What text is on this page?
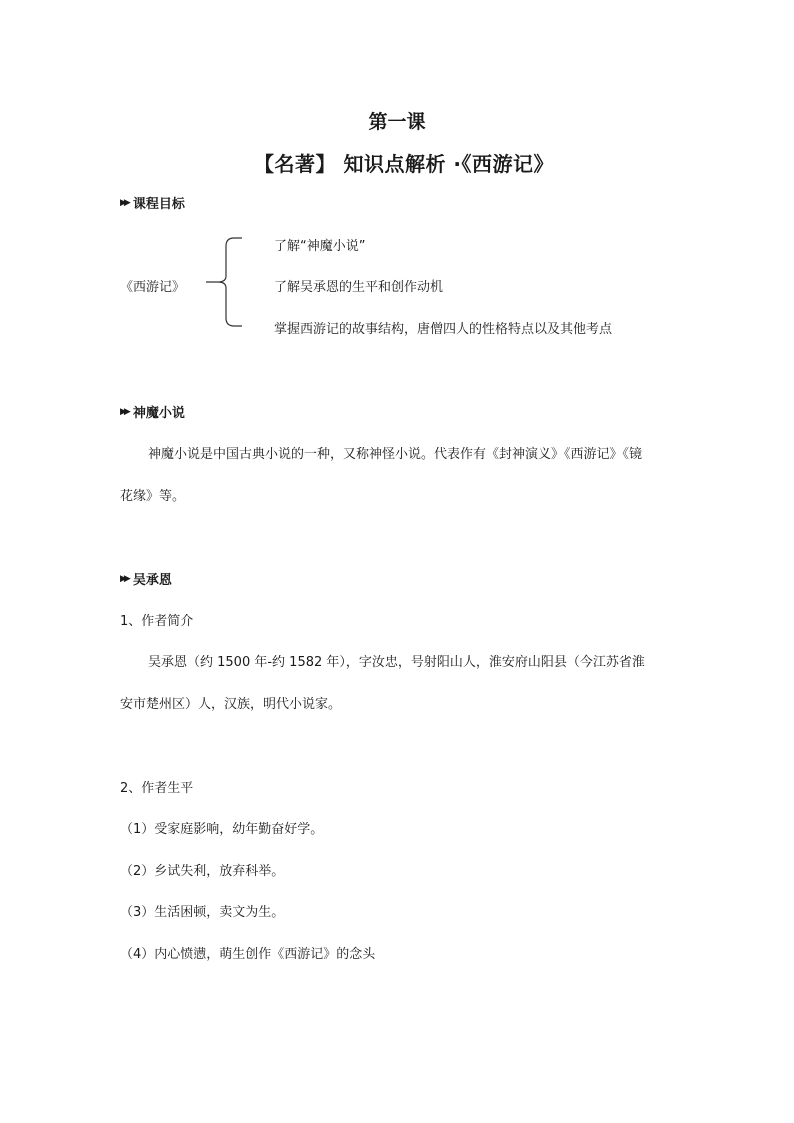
第一课
【名著】 知识点解析 ·《西游记》
▶▶ 课程目标
《西游记》
了解“神魔小说”
了解吴承恩的生平和创作动机
掌握西游记的故事结构，唐僧四人的性格特点以及其他考点
▶▶ 神魔小说
神魔小说是中国古典小说的一种，又称神怪小说。代表作有《封神演义》《西游记》《镜
花缘》等。
▶▶ 吴承恩
1、作者简介
吴承恩（约 1500 年-约 1582 年），字汝忠，号射阳山人，淮安府山阳县（今江苏省淮
安市楚州区）人，汉族，明代小说家。
2、作者生平
（1）受家庭影响，幼年勤奋好学。
（2）乡试失利，放弃科举。
（3）生活困顿，卖文为生。
（4）内心愤懑，萌生创作《西游记》的念头
